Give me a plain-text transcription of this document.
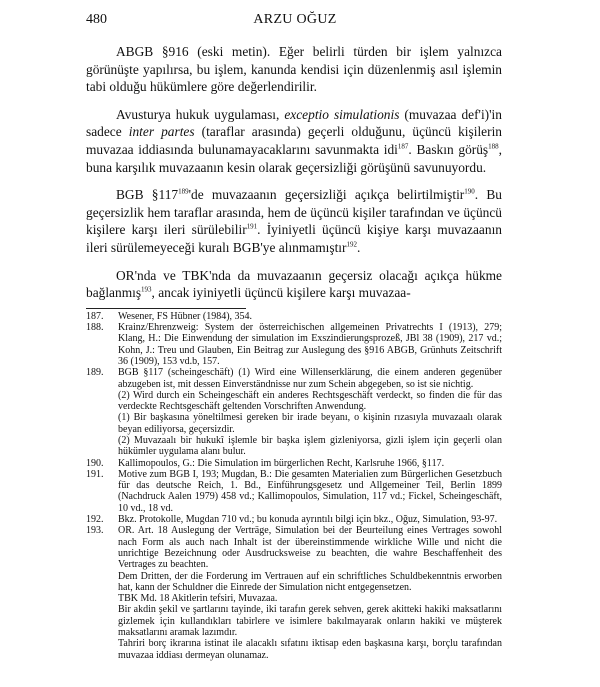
480	ARZU OĞUZ

ABGB §916 (eski metin). Eğer belirli türden bir işlem yalnızca görünüşte yapılırsa, bu işlem, kanunda kendisi için düzenlenmiş asıl işlemin tabi olduğu hükümlere göre değerlendirilir.

Avusturya hukuk uygulaması, exceptio simulationis (muvazaa def'i)'in sadece inter partes (taraflar arasında) geçerli olduğunu, üçüncü kişilerin muvazaa iddiasında bulunamayacaklarını savunmakta idi$^{187}$. Baskın görüş$^{188}$, buna karşılık muvazaanın kesin olarak geçersizliği görüşünü savunuyordu.

BGB $\S 117^{189}'de$ muvazaanın geçersizliği açıkça belirtilmiştir$^{190}$. Bu geçersizlik hem taraflar arasında, hem de üçüncü kişiler tarafından ve üçüncü kişilere karşı ileri sürülebilir$^{191}$. İyiniyetli üçüncü kişiye karşı muvazaanın ileri sürülemeyeceği kuralı BGB'ye alınmamıştır$^{192}$.

OR'nda ve TBK'nda da muvazaanın geçersiz olacağı açıkça hükme bağlanmış$^{193}$, ancak iyiniyetli üçüncü kişilere karşı muvazaa-

187.	Wesener, FS Hübner (1984), 354.
188.	Krainz/Ehrenzweig: System der österreichischen allgemeinen Privatrechts I (1913), 279; Klang, H.: Die Einwendung der simulation im Exszindierungsprozeß, JBl 38 (1909), 217 vd.; Kohn, J.: Treu und Glauben, Ein Beitrag zur Auslegung des §916 ABGB, Grünhuts Zeitschrift 36 (1909), 153 vd.b, 157.
189.	BGB §117 (scheingeschäft) (1) Wird eine Willenserklärung, die einem anderen gegenüber abzugeben ist, mit dessen Einverständnisse nur zum Schein abgegeben, so ist sie nichtig.
(2) Wird durch ein Scheingeschäft ein anderes Rechtsgeschäft verdeckt, so finden die für das verdeckte Rechtsgeschäft geltenden Vorschriften Anwendung.
(1) Bir başkasına yöneltilmesi gereken bir irade beyanı, o kişinin rızasıyla muvazaalı olarak beyan ediliyorsa, geçersizdir.
(2) Muvazaalı bir hukukî işlemle bir başka işlem gizleniyorsa, gizli işlem için geçerli olan hükümler uygulama alanı bulur.
190.	Kallimopoulos, G.: Die Simulation im bürgerlichen Recht, Karlsruhe 1966, §117.
191.	Motive zum BGB I, 193; Mugdan, B.: Die gesamten Materialien zum Bürgerlichen Gesetzbuch für das deutsche Reich, 1. Bd., Einführungsgesetz und Allgemeiner Teil, Berlin 1899 (Nachdruck Aalen 1979) 458 vd.; Kallimopoulos, Simulation, 117 vd.; Fickel, Scheingeschäft, 10 vd., 18 vd.
192.	Bkz. Protokolle, Mugdan 710 vd.; bu konuda ayrıntılı bilgi için bkz., Oğuz, Simulation, 93-97.
193.	OR. Art. 18 Auslegung der Verträge, Simulation bei der Beurteilung eines Vertrages sowohl nach Form als auch nach Inhalt ist der übereinstimmende wirkliche Wille und nicht die unrichtige Bezeichnung oder Ausdrucksweise zu beachten, die wahre Beschaffenheit des Vertrages zu beachten.
Dem Dritten, der die Forderung im Vertrauen auf ein schriftliches Schuldbekenntnis erworben hat, kann der Schuldner die Einrede der Simulation nicht entgegensetzen.
TBK Md. 18 Akitlerin tefsiri, Muvazaa.
Bir akdin şekil ve şartlarını tayinde, iki tarafın gerek sehven, gerek akitteki hakiki maksatlarını gizlemek için kullandıkları tabirlere ve isimlere bakılmayarak onların hakiki ve müşterek maksatlarını aramak lazımdır.
Tahriri borç ikrarına istinat ile alacaklı sıfatını iktisap eden başkasına karşı, borçlu tarafından muvazaa iddiası dermeyan olunamaz.
